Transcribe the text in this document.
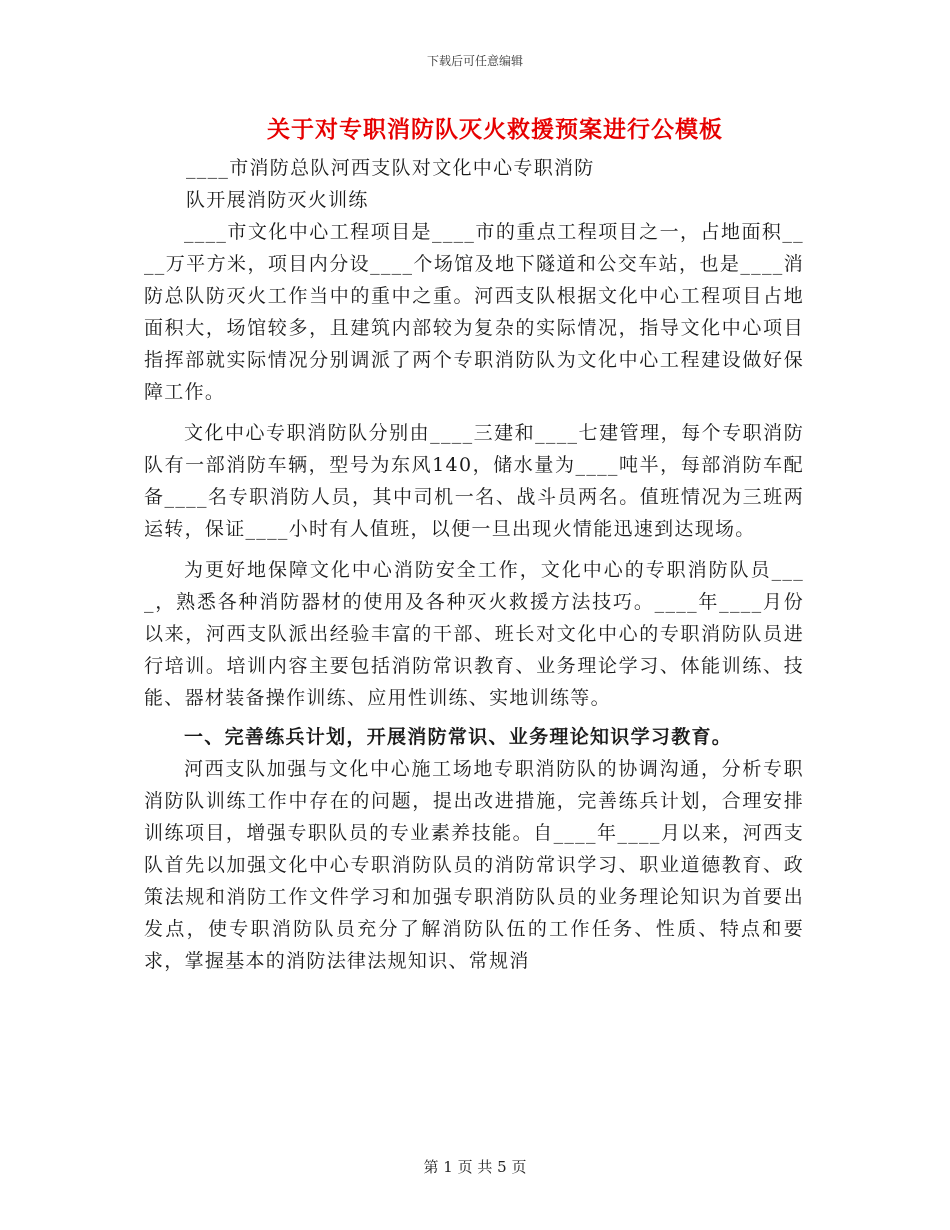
下载后可任意编辑
关于对专职消防队灭火救援预案进行公模板

____市消防总队河西支队对文化中心专职消防

队开展消防灭火训练

____市文化中心工程项目是____市的重点工程项目之一，占地面积____万平方米，项目内分设____个场馆及地下隧道和公交车站，也是____消防总队防灭火工作当中的重中之重。河西支队根据文化中心工程项目占地面积大，场馆较多，且建筑内部较为复杂的实际情况，指导文化中心项目指挥部就实际情况分别调派了两个专职消防队为文化中心工程建设做好保障工作。

文化中心专职消防队分别由____三建和____七建管理，每个专职消防队有一部消防车辆，型号为东风140，储水量为____吨半，每部消防车配备____名专职消防人员，其中司机一名、战斗员两名。值班情况为三班两运转，保证____小时有人值班，以便一旦出现火情能迅速到达现场。

为更好地保障文化中心消防安全工作，文化中心的专职消防队员____，熟悉各种消防器材的使用及各种灭火救援方法技巧。____年____月份以来，河西支队派出经验丰富的干部、班长对文化中心的专职消防队员进行培训。培训内容主要包括消防常识教育、业务理论学习、体能训练、技能、器材装备操作训练、应用性训练、实地训练等。

一、完善练兵计划，开展消防常识、业务理论知识学习教育。

河西支队加强与文化中心施工场地专职消防队的协调沟通，分析专职消防队训练工作中存在的问题，提出改进措施，完善练兵计划，合理安排训练项目，增强专职队员的专业素养技能。自____年____月以来，河西支队首先以加强文化中心专职消防队员的消防常识学习、职业道德教育、政策法规和消防工作文件学习和加强专职消防队员的业务理论知识为首要出发点，使专职消防队员充分了解消防队伍的工作任务、性质、特点和要求，掌握基本的消防法律法规知识、常规消

第 1 页 共 5 页
